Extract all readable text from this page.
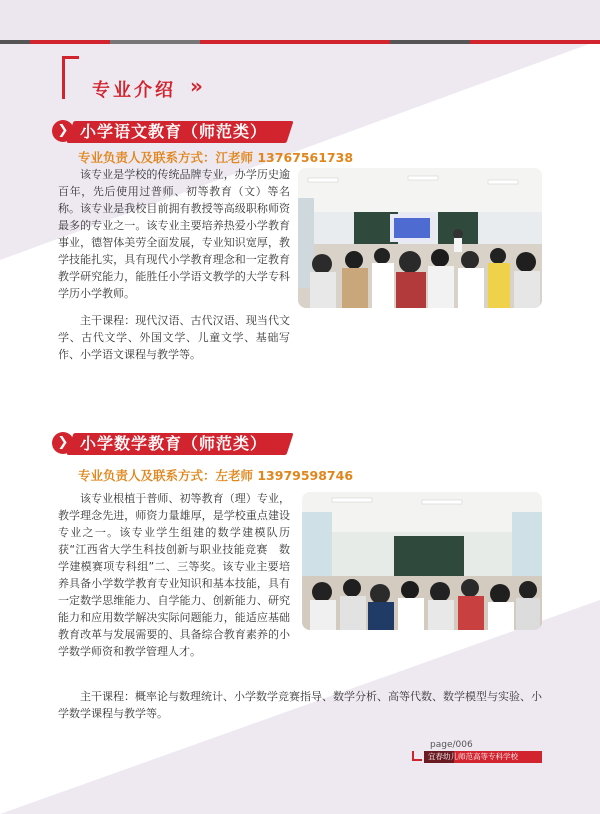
专业介绍 »
❯ 小学语文教育（师范类）
专业负责人及联系方式：江老师 13767561738

该专业是学校的传统品牌专业，办学历史逾百年，先后使用过普师、初等教育（文）等名称。该专业是我校目前拥有教授等高级职称师资最多的专业之一。该专业主要培养热爱小学教育事业，德智体美劳全面发展，专业知识宽厚，教学技能扎实，具有现代小学教育理念和一定教育教学研究能力，能胜任小学语文教学的大学专科学历小学教师。

主干课程：现代汉语、古代汉语、现当代文学、古代文学、外国文学、儿童文学、基础写作、小学语文课程与教学等。

❯ 小学数学教育（师范类）
专业负责人及联系方式：左老师 13979598746

该专业根植于普师、初等教育（理）专业，教学理念先进，师资力量雄厚，是学校重点建设专业之一。该专业学生组建的数学建模队历获“江西省大学生科技创新与职业技能竞赛　数学建模赛项专科组”二、三等奖。该专业主要培养具备小学数学教育专业知识和基本技能，具有一定数学思维能力、自学能力、创新能力、研究能力和应用数学解决实际问题能力，能适应基础教育改革与发展需要的、具备综合教育素养的小学数学师资和教学管理人才。

主干课程：概率论与数理统计、小学数学竞赛指导、数学分析、高等代数、数学模型与实验、小学数学课程与教学等。

page/006
宜春幼儿师范高等专科学校
